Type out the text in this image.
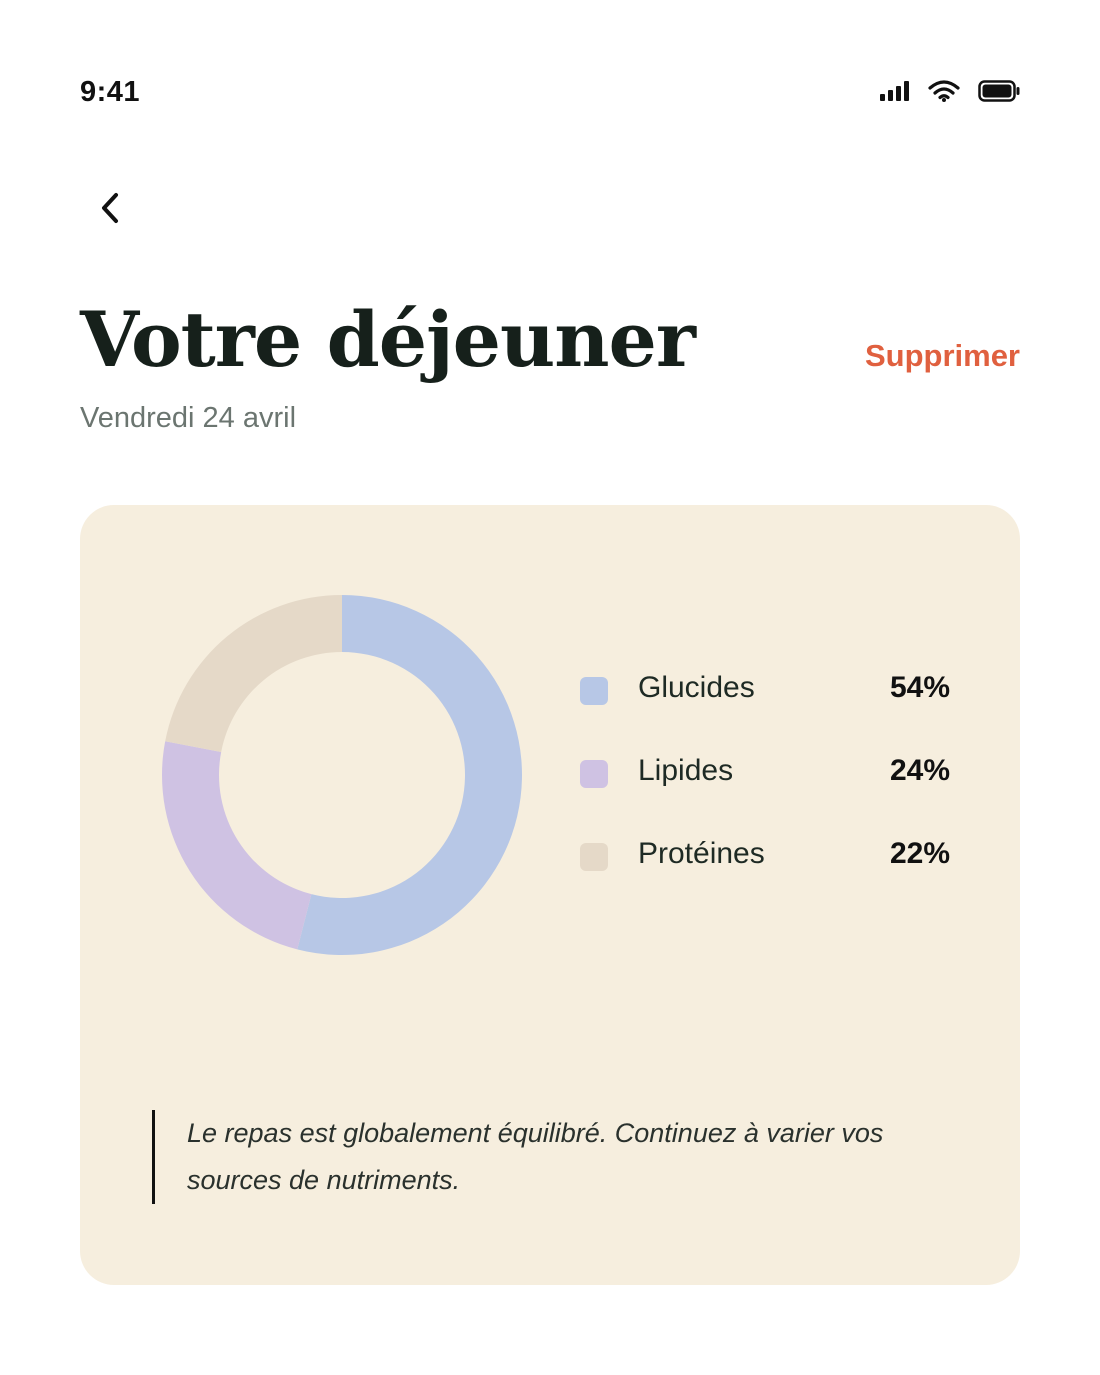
9:41
Votre déjeuner	Supprimer
Vendredi 24 avril
Glucides	54%
Lipides	24%
Protéines	22%
Le repas est globalement équilibré. Continuez à varier vos sources de nutriments.
